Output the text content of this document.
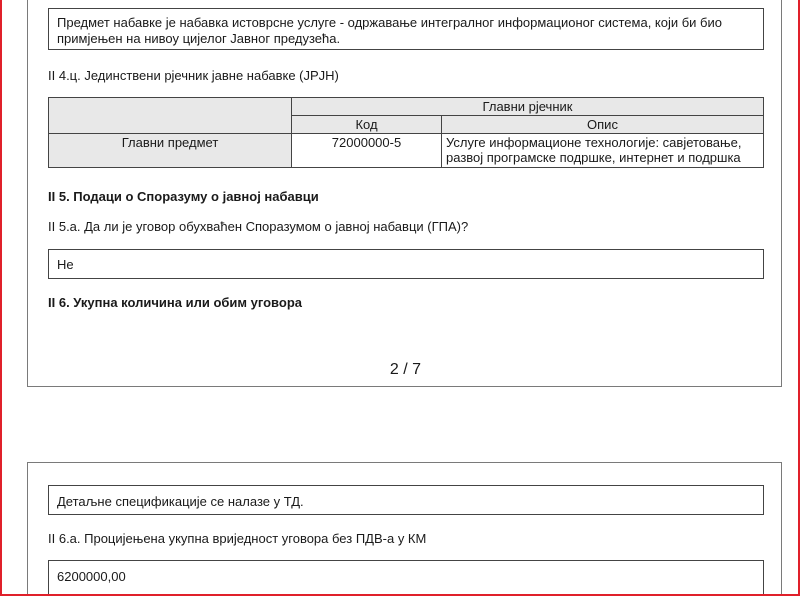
Предмет набавке је набавка истоврсне услуге - одржавање интегралног информационог система, који би био примјењен на нивоу цијелог Јавног предузећа.
II 4.ц. Јединствени рјечник јавне набавке (ЈРЈН)
	Главни рјечник	
	Код	Опис
Главни предмет	72000000-5	Услуге информационе технологије: савјетовање, развој програмске подршке, интернет и подршка
II 5. Подаци о Споразуму о јавној набавци
II 5.а. Да ли је уговор обухваћен Споразумом о јавној набавци (ГПА)?
Не
II 6. Укупна количина или обим уговора
2 / 7
Детаљне спецификације се налазе у ТД.
II 6.а. Процијењена укупна вриједност уговора без ПДВ-а у КМ
6200000,00
